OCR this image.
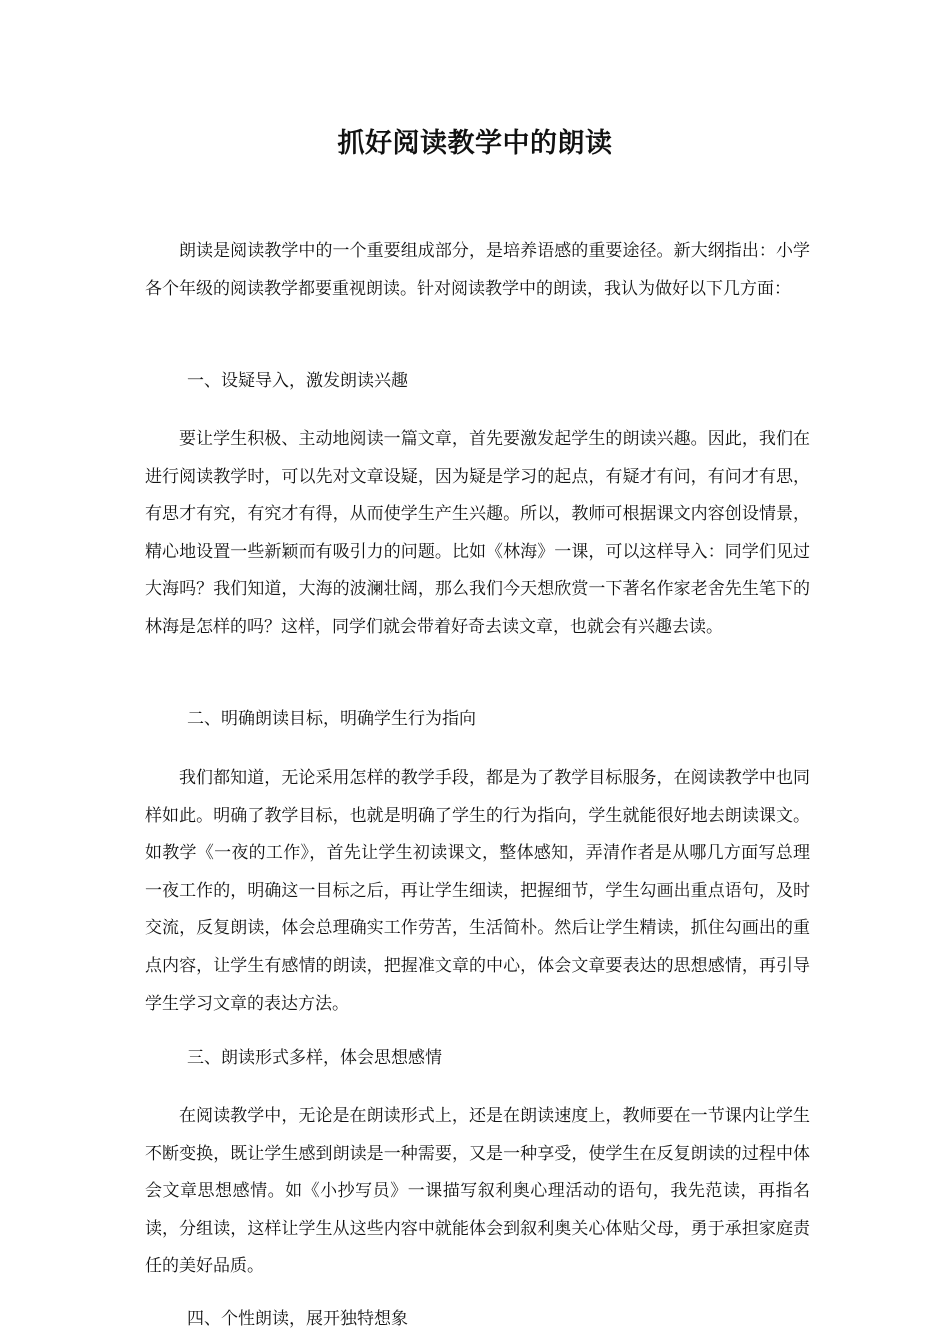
抓好阅读教学中的朗读

朗读是阅读教学中的一个重要组成部分，是培养语感的重要途径。新大纲指出：小学各个年级的阅读教学都要重视朗读。针对阅读教学中的朗读，我认为做好以下几方面：

一、设疑导入，激发朗读兴趣

要让学生积极、主动地阅读一篇文章，首先要激发起学生的朗读兴趣。因此，我们在进行阅读教学时，可以先对文章设疑，因为疑是学习的起点，有疑才有问，有问才有思，有思才有究，有究才有得，从而使学生产生兴趣。所以，教师可根据课文内容创设情景，精心地设置一些新颖而有吸引力的问题。比如《林海》一课，可以这样导入：同学们见过大海吗？我们知道，大海的波澜壮阔，那么我们今天想欣赏一下著名作家老舍先生笔下的林海是怎样的吗？这样，同学们就会带着好奇去读文章，也就会有兴趣去读。

二、明确朗读目标，明确学生行为指向

我们都知道，无论采用怎样的教学手段，都是为了教学目标服务，在阅读教学中也同样如此。明确了教学目标，也就是明确了学生的行为指向，学生就能很好地去朗读课文。如教学《一夜的工作》，首先让学生初读课文，整体感知，弄清作者是从哪几方面写总理一夜工作的，明确这一目标之后，再让学生细读，把握细节，学生勾画出重点语句，及时交流，反复朗读，体会总理确实工作劳苦，生活简朴。然后让学生精读，抓住勾画出的重点内容，让学生有感情的朗读，把握准文章的中心，体会文章要表达的思想感情，再引导学生学习文章的表达方法。

三、朗读形式多样，体会思想感情

在阅读教学中，无论是在朗读形式上，还是在朗读速度上，教师要在一节课内让学生不断变换，既让学生感到朗读是一种需要，又是一种享受，使学生在反复朗读的过程中体会文章思想感情。如《小抄写员》一课描写叙利奥心理活动的语句，我先范读，再指名读，分组读，这样让学生从这些内容中就能体会到叙利奥关心体贴父母，勇于承担家庭责任的美好品质。

四、个性朗读，展开独特想象
